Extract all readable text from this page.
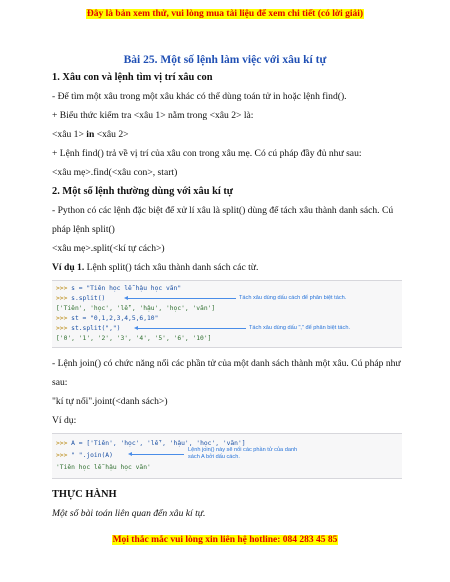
Đây là bản xem thử, vui lòng mua tài liệu để xem chi tiết (có lời giải)
Bài 25. Một số lệnh làm việc với xâu kí tự
1. Xâu con và lệnh tìm vị trí xâu con
- Để tìm một xâu trong một xâu khác có thể dùng toán tử in hoặc lệnh find().
+ Biểu thức kiểm tra <xâu 1> nằm trong <xâu 2> là:
<xâu 1> in <xâu 2>
+ Lệnh find() trả về vị trí của xâu con trong xâu mẹ. Có cú pháp đầy đủ như sau:
<xâu mẹ>.find(<xâu con>, start)
2. Một số lệnh thường dùng với xâu kí tự
- Python có các lệnh đặc biệt để xử lí xâu là split() dùng để tách xâu thành danh sách. Cú pháp lệnh split()
<xâu mẹ>.split(<kí tự cách>)
Ví dụ 1. Lệnh split() tách xâu thành danh sách các từ.
>>> s = "Tiên học lễ hậu học văn"
>>> s.split()
['Tiên', 'học', 'lễ', 'hậu', 'học', 'văn']
>>> st = "0,1,2,3,4,5,6,10"
>>> st.split(",")
['0', '1', '2', '3', '4', '5', '6', '10']
Tách xâu dùng dấu cách để phân biệt tách.
Tách xâu dùng dấu "," để phân biệt tách.
- Lệnh join() có chức năng nối các phần tử của một danh sách thành một xâu. Cú pháp như sau:
"kí tự nối".joint(<danh sách>)
Ví dụ:
>>> A = ['Tiên', 'học', 'lễ', 'hậu', 'học', 'văn']
>>> " ".join(A)
'Tiên học lễ hậu học văn'
Lệnh join() này sẽ nối các phần tử của danh sách A bởi dấu cách.
THỰC HÀNH
Một số bài toán liên quan đến xâu kí tự.
Mọi thắc mắc vui lòng xin liên hệ hotline: 084 283 45 85
